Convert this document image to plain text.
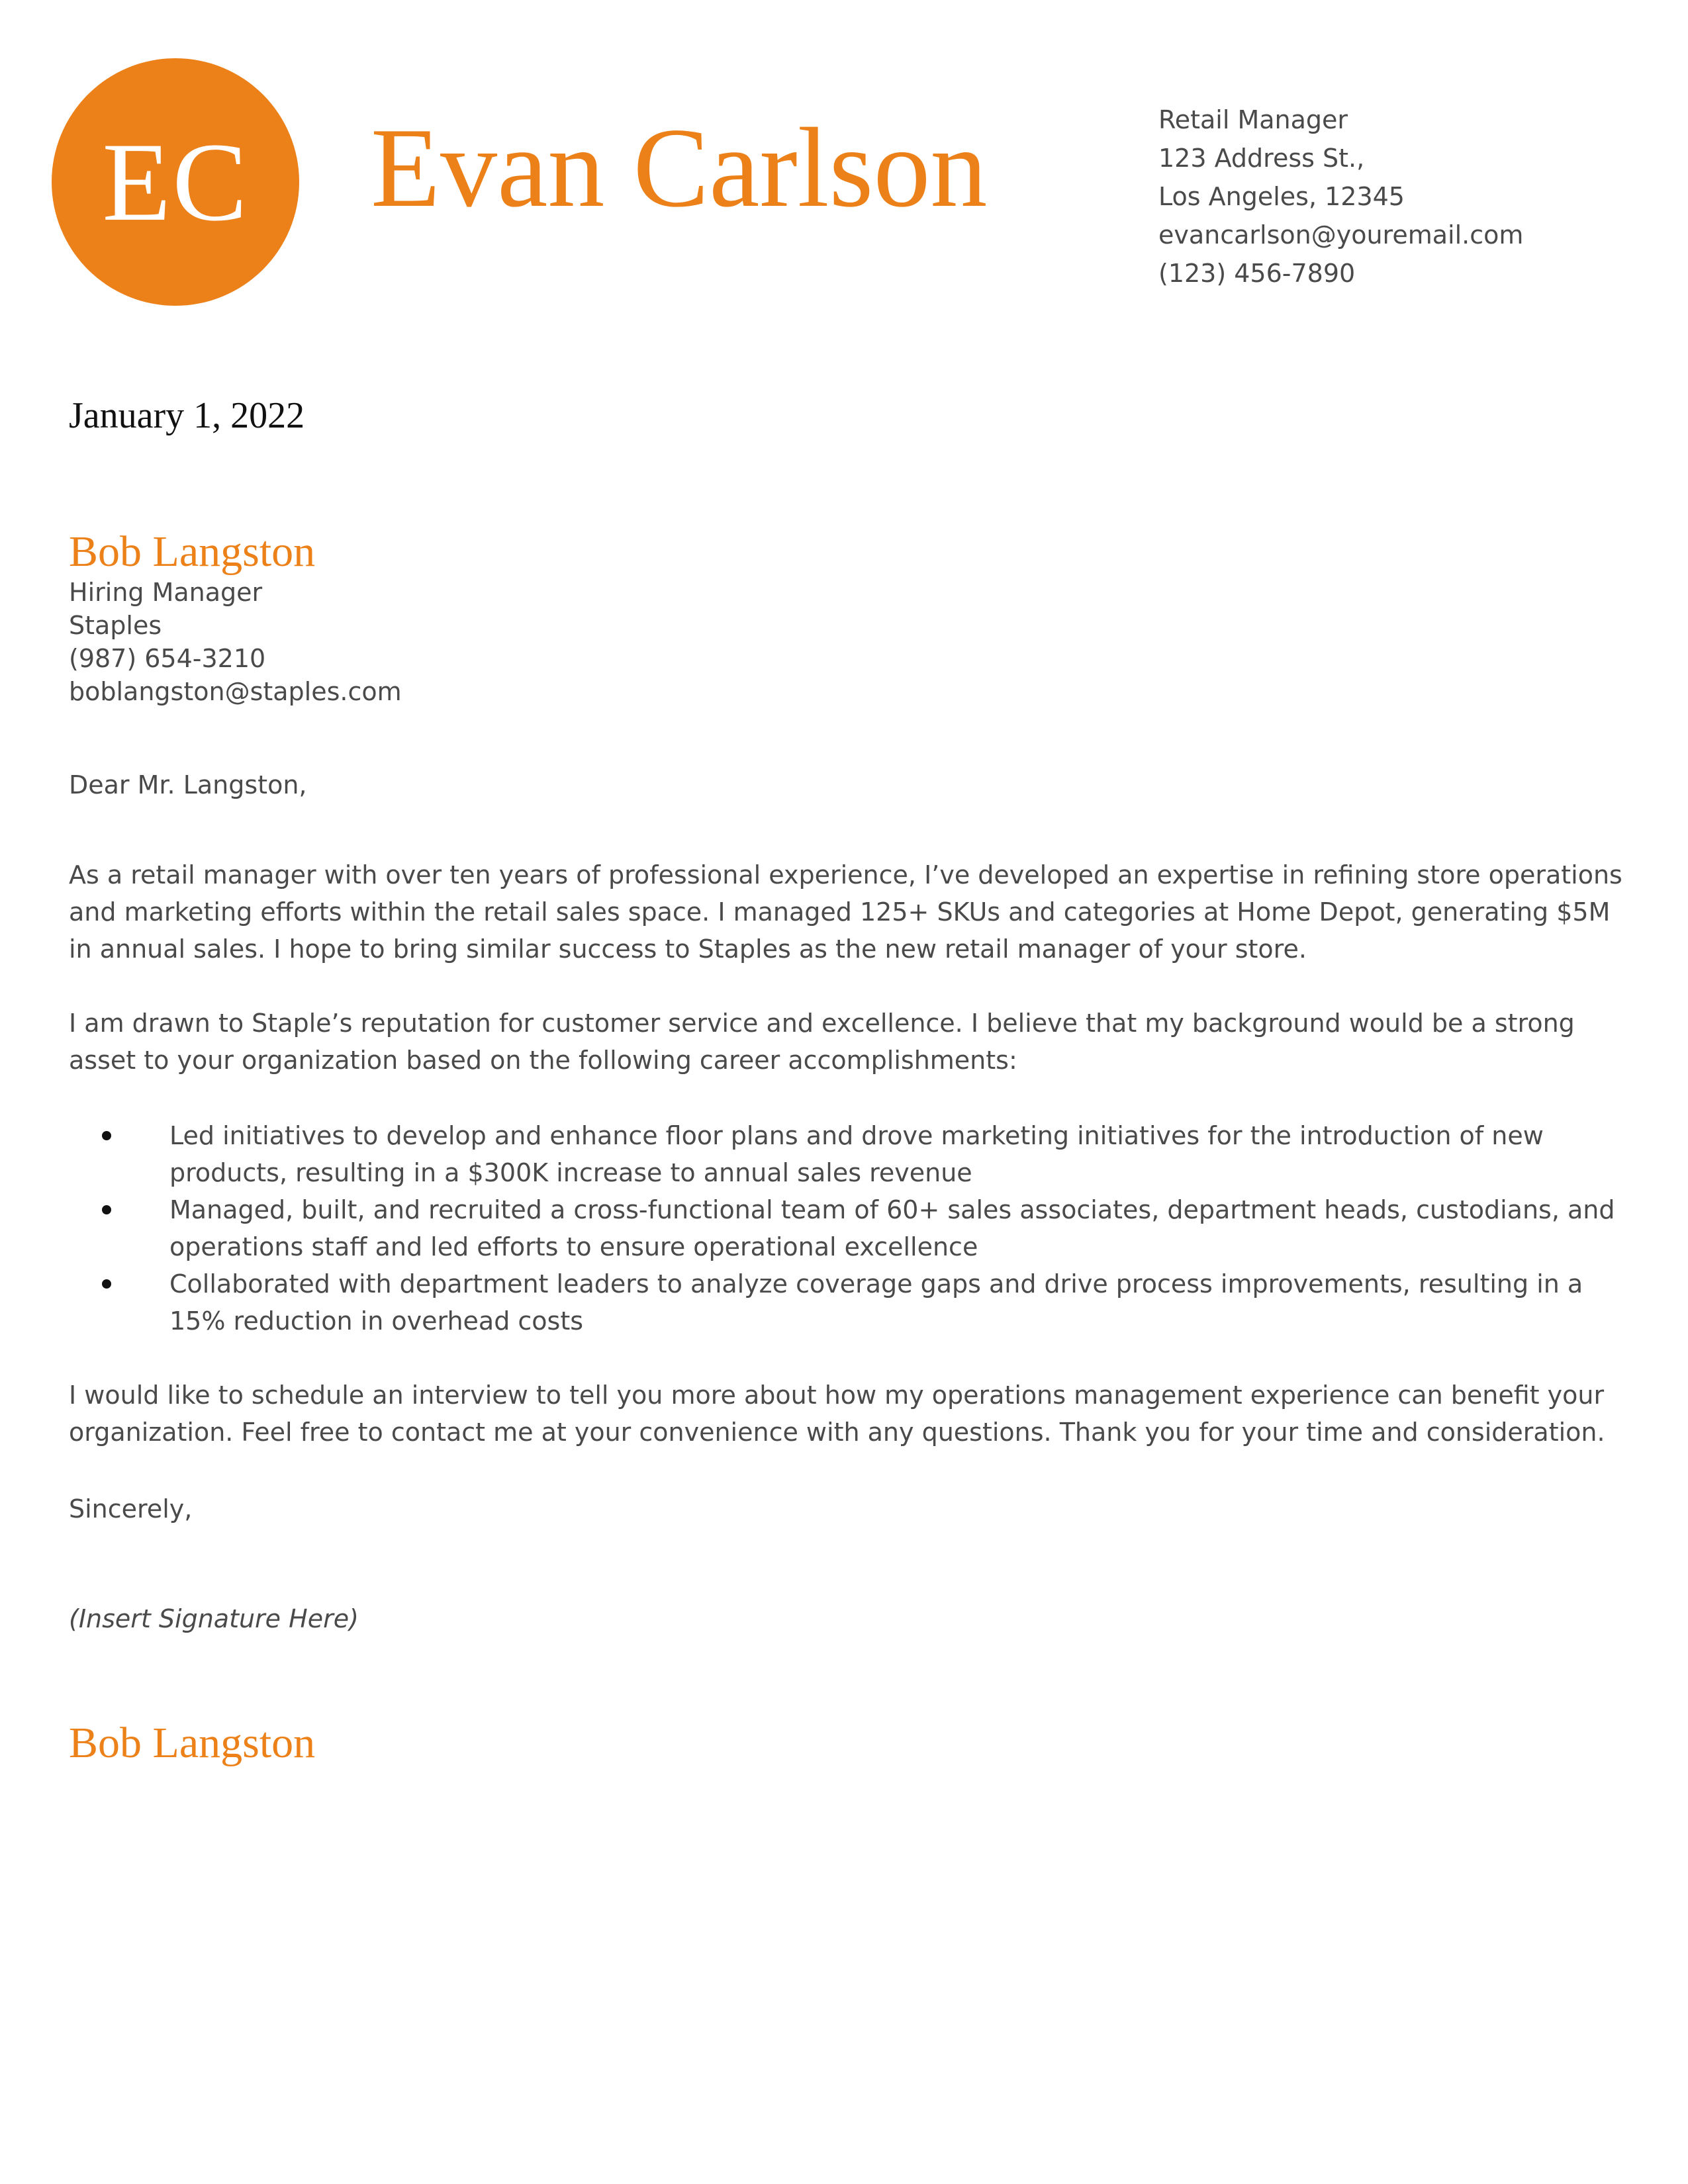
EC Evan Carlson	Retail Manager
123 Address St.,
Los Angeles, 12345
evancarlson@youremail.com
(123) 456-7890
January 1, 2022
Bob Langston
Hiring Manager
Staples
(987) 654-3210
boblangston@staples.com
Dear Mr. Langston,
As a retail manager with over ten years of professional experience, I’ve developed an expertise in refining store operations and marketing efforts within the retail sales space. I managed 125+ SKUs and categories at Home Depot, generating $5M in annual sales. I hope to bring similar success to Staples as the new retail manager of your store.
I am drawn to Staple’s reputation for customer service and excellence. I believe that my background would be a strong asset to your organization based on the following career accomplishments:
Led initiatives to develop and enhance floor plans and drove marketing initiatives for the introduction of new products, resulting in a $300K increase to annual sales revenue
Managed, built, and recruited a cross-functional team of 60+ sales associates, department heads, custodians, and operations staff and led efforts to ensure operational excellence
Collaborated with department leaders to analyze coverage gaps and drive process improvements, resulting in a 15% reduction in overhead costs
I would like to schedule an interview to tell you more about how my operations management experience can benefit your organization. Feel free to contact me at your convenience with any questions. Thank you for your time and consideration.
Sincerely,
(Insert Signature Here)
Bob Langston
